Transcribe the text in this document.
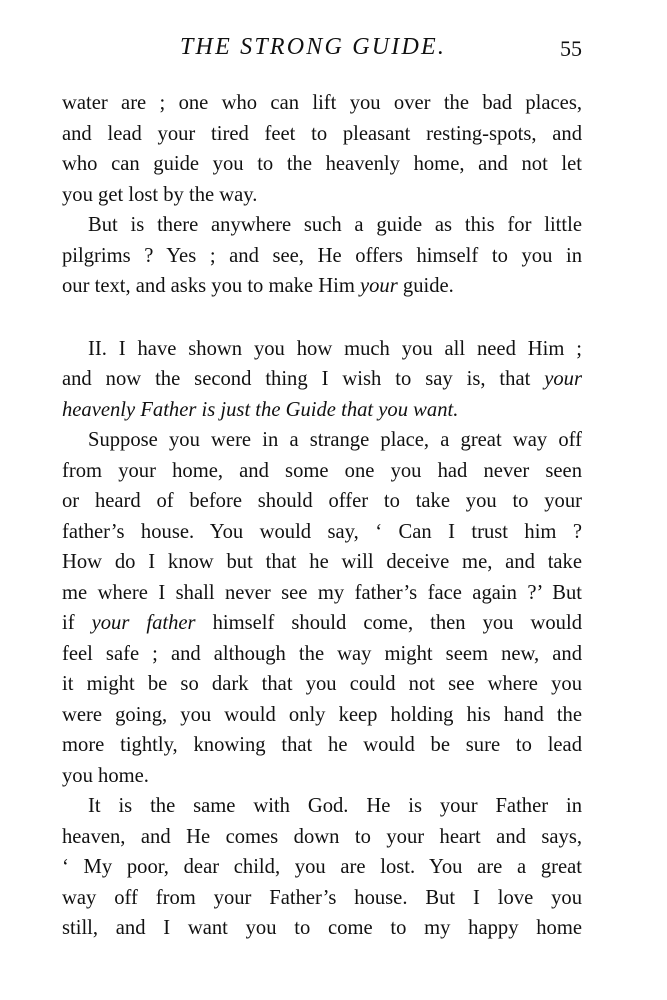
THE STRONG GUIDE.	55
water are ; one who can lift you over the bad places,
and lead your tired feet to pleasant resting-spots, and
who can guide you to the heavenly home, and not let
you get lost by the way.
But is there anywhere such a guide as this for little
pilgrims ? Yes ; and see, He offers himself to you in
our text, and asks you to make Him your guide.
II. I have shown you how much you all need Him ;
and now the second thing I wish to say is, that your
heavenly Father is just the Guide that you want.
Suppose you were in a strange place, a great way off
from your home, and some one you had never seen
or heard of before should offer to take you to your
father’s house. You would say, ‘ Can I trust him ?
How do I know but that he will deceive me, and take
me where I shall never see my father’s face again ?’ But
if your father himself should come, then you would
feel safe ; and although the way might seem new, and
it might be so dark that you could not see where you
were going, you would only keep holding his hand the
more tightly, knowing that he would be sure to lead
you home.
It is the same with God. He is your Father in
heaven, and He comes down to your heart and says,
‘ My poor, dear child, you are lost. You are a great
way off from your Father’s house. But I love you
still, and I want you to come to my happy home
